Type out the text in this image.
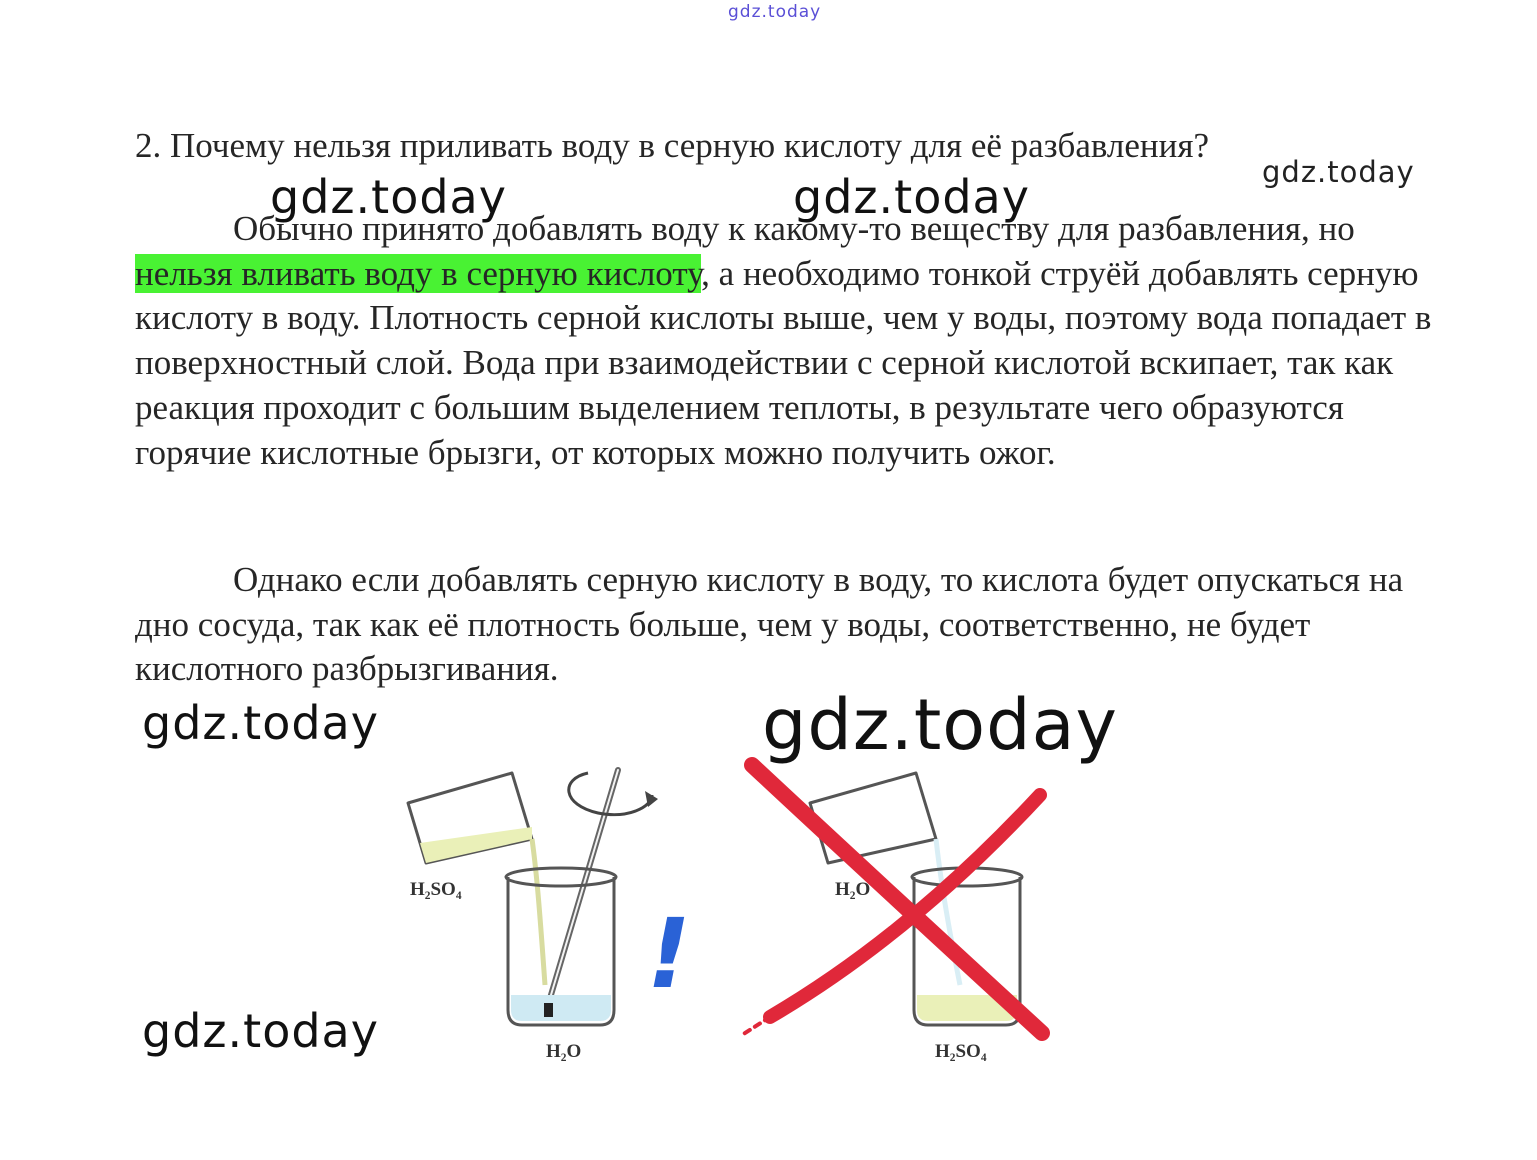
gdz.today
gdz.today	gdz.today	gdz.today

2. Почему нельзя приливать воду в серную кислоту для её разбавления?

Обычно принято добавлять воду к какому-то веществу для разбавления, но нельзя вливать воду в серную кислоту, а необходимо тонкой струёй добавлять серную кислоту в воду. Плотность серной кислоты выше, чем у воды, поэтому вода попадает в поверхностный слой. Вода при взаимодействии с серной кислотой вскипает, так как реакция проходит с большим выделением теплоты, в результате чего образуются горячие кислотные брызги, от которых можно получить ожог.

Однако если добавлять серную кислоту в воду, то кислота будет опускаться на дно сосуда, так как её плотность больше, чем у воды, соответственно, не будет кислотного разбрызгивания.

gdz.today	gdz.today
gdz.today
H₂SO₄
H₂O
!
H₂O
H₂SO₄
